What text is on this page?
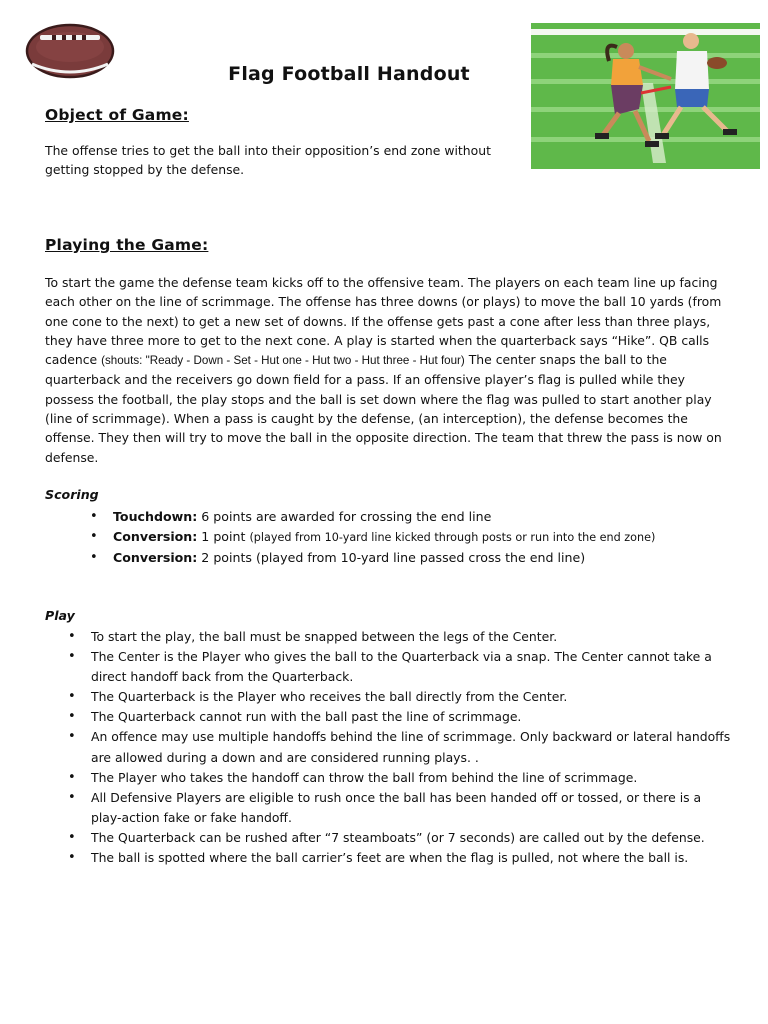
Flag Football Handout
Object of Game:

The offense tries to get the ball into their opposition’s end zone without getting stopped by the defense.

Playing the Game:

To start the game the defense team kicks off to the offensive team. The players on each team line up facing each other on the line of scrimmage. The offense has three downs (or plays) to move the ball 10 yards (from one cone to the next) to get a new set of downs. If the offense gets past a cone after less than three plays, they have three more to get to the next cone. A play is started when the quarterback says “Hike”. QB calls cadence (shouts: "Ready - Down - Set - Hut one - Hut two - Hut three - Hut four) The center snaps the ball to the quarterback and the receivers go down field for a pass. If an offensive player’s flag is pulled while they possess the football, the play stops and the ball is set down where the flag was pulled to start another play (line of scrimmage). When a pass is caught by the defense, (an interception), the defense becomes the offense. They then will try to move the ball in the opposite direction. The team that threw the pass is now on defense.

Scoring
• Touchdown: 6 points are awarded for crossing the end line
• Conversion: 1 point (played from 10-yard line kicked through posts or run into the end zone)
• Conversion: 2 points (played from 10-yard line passed cross the end line)
Play
• To start the play, the ball must be snapped between the legs of the Center.
• The Center is the Player who gives the ball to the Quarterback via a snap. The Center cannot take a direct handoff back from the Quarterback.
• The Quarterback is the Player who receives the ball directly from the Center.
• The Quarterback cannot run with the ball past the line of scrimmage.
• An offence may use multiple handoffs behind the line of scrimmage. Only backward or lateral handoffs are allowed during a down and are considered running plays. .
• The Player who takes the handoff can throw the ball from behind the line of scrimmage.
• All Defensive Players are eligible to rush once the ball has been handed off or tossed, or there is a play-action fake or fake handoff.
• The Quarterback can be rushed after “7 steamboats” (or 7 seconds) are called out by the defense.
• The ball is spotted where the ball carrier’s feet are when the flag is pulled, not where the ball is.
